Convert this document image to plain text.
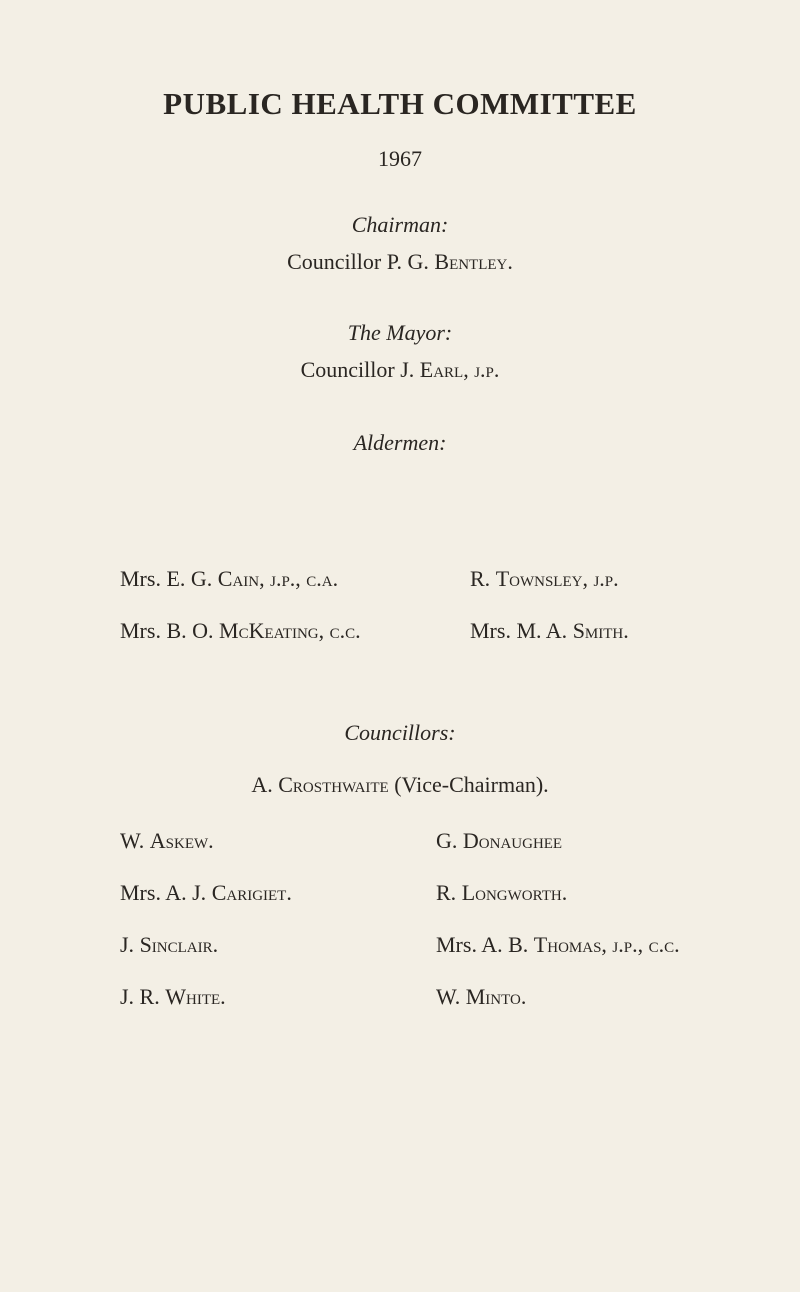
PUBLIC HEALTH COMMITTEE
1967
Chairman:
Councillor P. G. Bentley.
The Mayor:
Councillor J. Earl, j.p.
Aldermen:
Mrs. E. G. Cain, j.p., c.a.	R. Townsley, j.p.
Mrs. B. O. McKeating, c.c.	Mrs. M. A. Smith.
Councillors:
A. Crosthwaite (Vice-Chairman).
W. Askew.	G. Donaughee
Mrs. A. J. Carigiet.	R. Longworth.
J. Sinclair.	Mrs. A. B. Thomas, j.p., c.c.
J. R. White.	W. Minto.
